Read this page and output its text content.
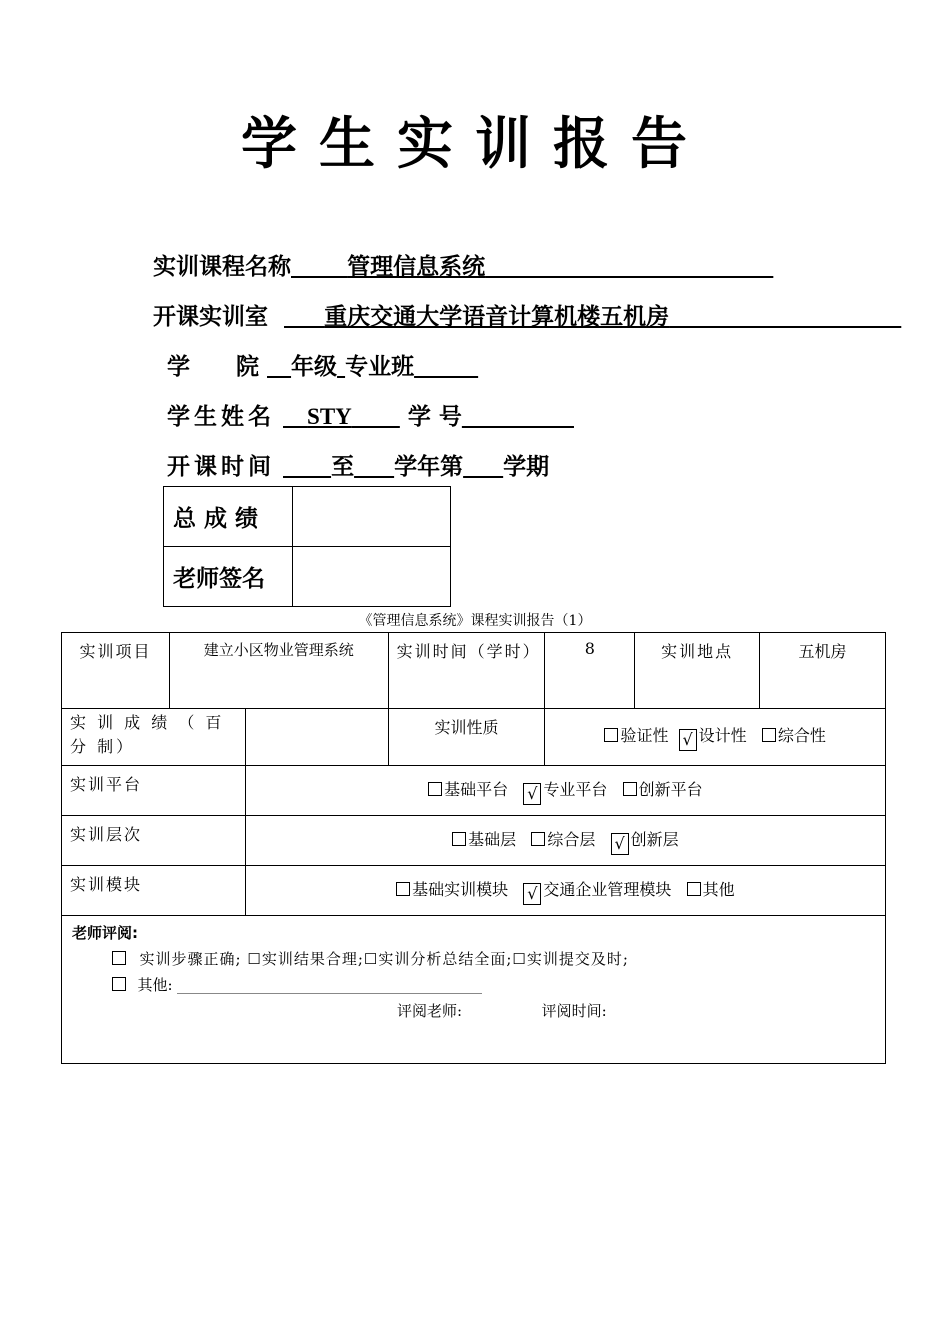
学生实训报告
实训课程名称 管理信息系统
开课实训室 重庆交通大学语音计算机楼五机房
学　　院 年级 专业班
学生姓名 STY 学 号
开课时间 至 学年第 学期
总 成 绩	
老师签名	
《管理信息系统》课程实训报告（1）
实训项目	建立小区物业管理系统		实训时间（学时）	8	实训地点	五机房
实 训 成 绩 （ 百 分 制）			实训性质	验证性 √ 设计性 综合性		
实训平台		基础平台 √ 专业平台 创新平台				
实训层次		基础层 综合层 √ 创新层				
实训模块		基础实训模块 √ 交通企业管理模块 其他				

老师评阅:
实训步骤正确; ☐实训结果合理;☐实训分析总结全面;☐实训提交及时;
其他:
评阅老师: 评阅时间:						
